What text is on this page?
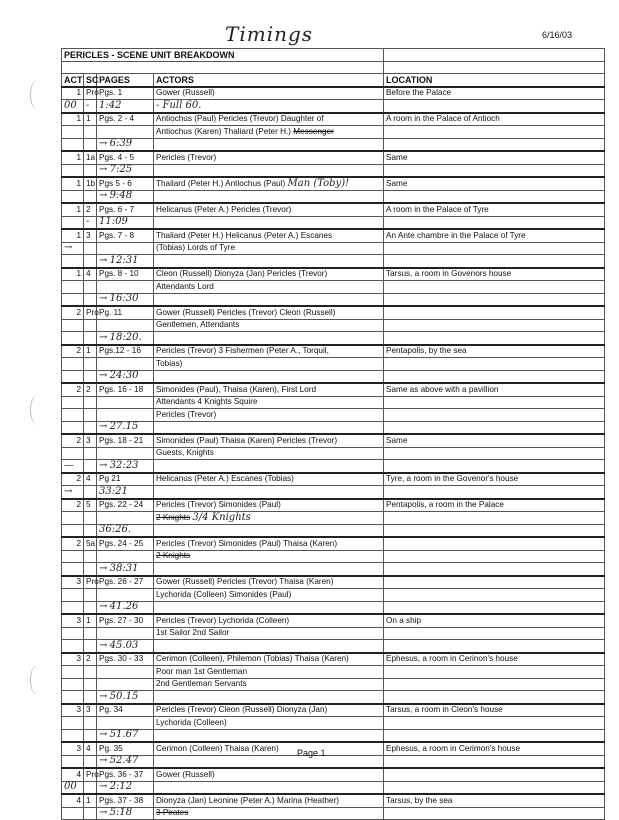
Timings	6/16/03
PERICLES - SCENE UNIT BREAKDOWN				

ACT	SC	PAGES	ACTORS	LOCATION
1	Pro	Pgs. 1	Gower (Russell)	Before the Palace
00	-	1:42	- Full 60.	
1	1	Pgs. 2 - 4	Antiochus (Paul) Pericles (Trevor) Daughter of	A room in the Palace of Antioch
			Antiochus (Karen) Thaliard (Peter H.) Messenger	
		→ 6:39		
1	1a	Pgs. 4 - 5	Pericles (Trevor)	Same
		→ 7:25		
1	1b	Pgs 5 - 6	Thailard (Peter H.) Antiochus (Paul) Man (Toby)!	Same
		→ 9:48		
1	2	Pgs. 6 - 7	Helicanus (Peter A.) Pericles (Trevor)	A room in the Palace of Tyre
	-	11:09		
1	3	Pgs. 7 - 8	Thaliard (Peter H.) Helicanus (Peter A.) Escanes	An Ante chambre in the Palace of Tyre
→			(Tobias) Lords of Tyre	
		→ 12:31		
1	4	Pgs. 8 - 10	Cleon (Russell) Dionyza (Jan) Pericles (Trevor)	Tarsus, a room in Govenors house
			Attendants Lord	
		→ 16:30		
2	Pro	Pg. 11	Gower (Russell) Pericles (Trevor) Cleon (Russell)	
			Gentlemen, Attendants	
		→ 18:20.		
2	1	Pgs.12 - 16	Pericles (Trevor) 3 Fishermen (Peter A., Torquil,	Pentapolis, by the sea
			Tobias)	
		→ 24:30		
2	2	Pgs. 16 - 18	Simonides (Paul), Thaisa (Karen), First Lord	Same as above with a pavillion
			Attendants 4 Knights Squire	
			Pericles (Trevor)	
		→ 27.15		
2	3	Pgs. 18 - 21	Simonides (Paul) Thaisa (Karen) Pericles (Trevor)	Same
			Guests, Knights	
—		→ 32:23		
2	4	Pg 21	Helicanus (Peter A.) Escanes (Tobias)	Tyre, a room in the Govenor's house
→		33:21		
2	5	Pgs. 22 - 24	Pericles (Trevor) Simonides (Paul)	Pentapolis, a room in the Palace
			2 Knights 3/4 Knights	
		36:26.		
2	5a	Pgs. 24 - 25	Pericles (Trevor) Simonides (Paul) Thaisa (Karen)	
			2 Knights	
		→ 38:31		
3	Pro	Pgs. 26 - 27	Gower (Russell) Pericles (Trevor) Thaisa (Karen)	
			Lychorida (Colleen) Simonides (Paul)	
		→ 41.26		
3	1	Pgs. 27 - 30	Pericles (Trevor) Lychorida (Colleen)	On a ship
			1st Sailor 2nd Sailor	
		→ 45.03		
3	2	Pgs. 30 - 33	Cerimon (Colleen), Philemon (Tobias) Thaisa (Karen)	Ephesus, a room in Cerinon's house
			Poor man 1st Gentleman	
			2nd Gentleman Servants	
		→ 50.15		
3	3	Pg. 34	Pericles (Trevor) Cleon (Russell) Dionyza (Jan)	Tarsus, a room in Cleon's house
			Lychorida (Colleen)	
		→ 51.67		
3	4	Pg. 35	Cerimon (Colleen) Thaisa (Karen)	Ephesus, a room in Cerimon's house
		→ 52.47		
4	Pro	Pgs. 36 - 37	Gower (Russell)	
00		→ 2:12		
4	1	Pgs. 37 - 38	Dionyza (Jan) Leonine (Peter A.) Marina (Heather)	Tarsus, by the sea
		→ 5:18	3 Pirates	
Page 1
